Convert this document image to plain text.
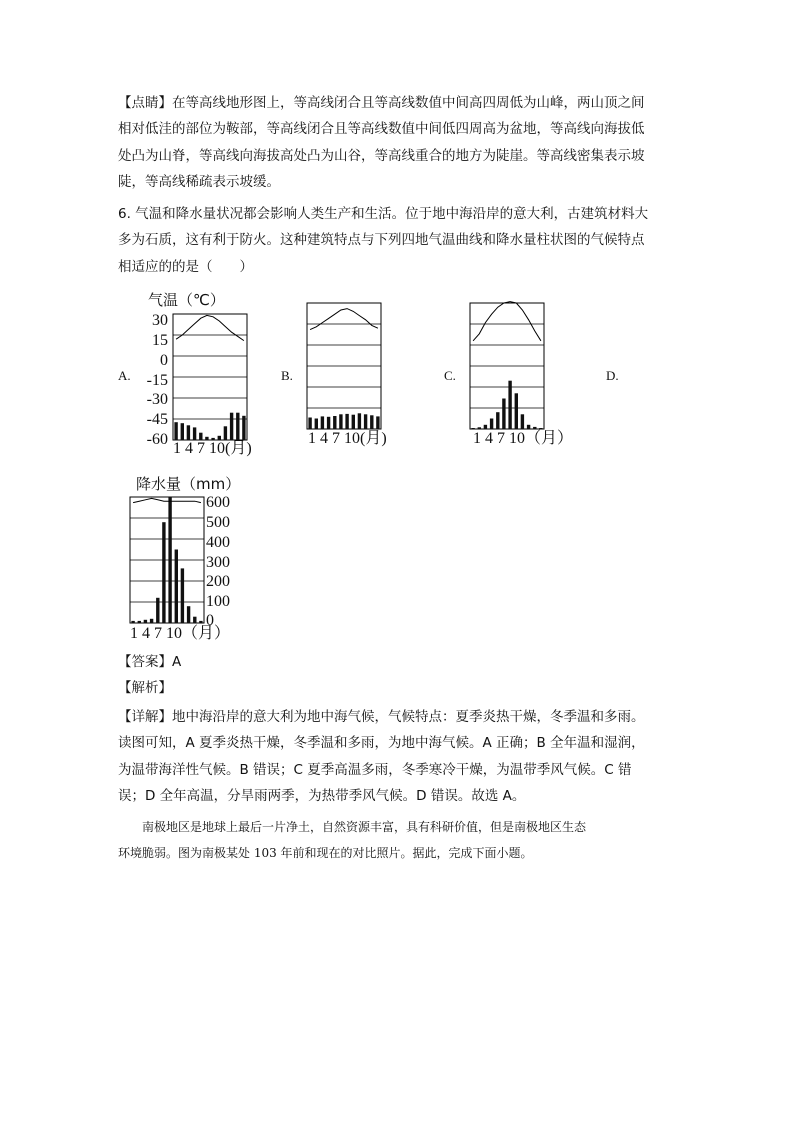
【点睛】在等高线地形图上，等高线闭合且等高线数值中间高四周低为山峰，两山顶之间
相对低洼的部位为鞍部，等高线闭合且等高线数值中间低四周高为盆地，等高线向海拔低
处凸为山脊，等高线向海拔高处凸为山谷，等高线重合的地方为陡崖。等高线密集表示坡
陡，等高线稀疏表示坡缓。
6. 气温和降水量状况都会影响人类生产和生活。位于地中海沿岸的意大利，古建筑材料大
多为石质，这有利于防火。这种建筑特点与下列四地气温曲线和降水量柱状图的气候特点
相适应的的是（　　）
A.	B.	C.	D.
气温（℃）
30
15
0
-15
-30
-45
-60
1 4 7 10(月)
1 4 7 10(月)	1 4 7 10（月）
降水量（mm）
600
500
400
300
200
100
0
1 4 7 10（月）
【答案】A
【解析】
【详解】地中海沿岸的意大利为地中海气候，气候特点：夏季炎热干燥，冬季温和多雨。
读图可知，A 夏季炎热干燥，冬季温和多雨，为地中海气候。A 正确；B 全年温和湿润，
为温带海洋性气候。B 错误；C 夏季高温多雨，冬季寒冷干燥，为温带季风气候。C 错
误；D 全年高温，分旱雨两季，为热带季风气候。D 错误。故选 A。
　　南极地区是地球上最后一片净土，自然资源丰富，具有科研价值，但是南极地区生态
环境脆弱。图为南极某处 103 年前和现在的对比照片。据此，完成下面小题。
